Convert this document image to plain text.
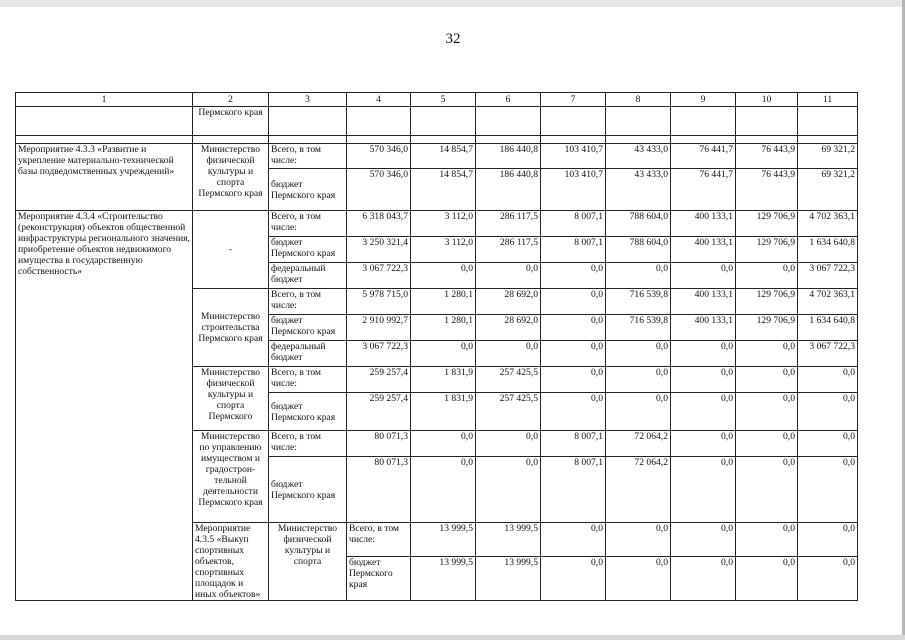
32
1	2	3	4	5	6	7	8	9	10	11	
	Пермского края										

Мероприятие 4.3.3 «Развитие и укрепление материально-технической базы подведомственных учреждений»	Министерство физической культуры и спорта Пермского края	Всего, в том числе:	570 346,0	14 854,7	186 440,8	103 410,7	43 433,0	76 441,7	76 443,9	69 321,2	
		бюджет Пермского края	570 346,0	14 854,7	186 440,8	103 410,7	43 433,0	76 441,7	76 443,9	69 321,2	
Мероприятие 4.3.4 «Строительство (реконструкция) объектов общественной инфраструктуры регионального значения, приобретение объектов недвижимого имущества в государственную собственность»	-	Всего, в том числе:	6 318 043,7	3 112,0	286 117,5	8 007,1	788 604,0	400 133,1	129 706,9	4 702 363,1	
		бюджет Пермского края	3 250 321,4	3 112,0	286 117,5	8 007,1	788 604,0	400 133,1	129 706,9	1 634 640,8	
		федеральный бюджет	3 067 722,3	0,0	0,0	0,0	0,0	0,0	0,0	3 067 722,3	
	Министерство строительства Пермского края	Всего, в том числе:	5 978 715,0	1 280,1	28 692,0	0,0	716 539,8	400 133,1	129 706,9	4 702 363,1	
		бюджет Пермского края	2 910 992,7	1 280,1	28 692,0	0,0	716 539,8	400 133,1	129 706,9	1 634 640,8	
		федеральный бюджет	3 067 722,3	0,0	0,0	0,0	0,0	0,0	0,0	3 067 722,3	
	Министерство физической культуры и спорта Пермского	Всего, в том числе:	259 257,4	1 831,9	257 425,5	0,0	0,0	0,0	0,0	0,0	
		бюджет Пермского края	259 257,4	1 831,9	257 425,5	0,0	0,0	0,0	0,0	0,0	
	Министерство по управлению имуществом и градострон-тельной деятельности Пермского края	Всего, в том числе:	80 071,3	0,0	0,0	8 007,1	72 064,2	0,0	0,0	0,0	
		бюджет Пермского края	80 071,3	0,0	0,0	8 007,1	72 064,2	0,0	0,0	0,0	
	Мероприятие 4.3.5 «Выкуп спортивных объектов, спортивных площадок и иных объектов»	Министерство физической культуры и спорта	Всего, в том числе:	13 999,5	13 999,5	0,0	0,0	0,0	0,0	0,0	
			бюджет Пермского края	13 999,5	13 999,5	0,0	0,0	0,0	0,0	0,0	
